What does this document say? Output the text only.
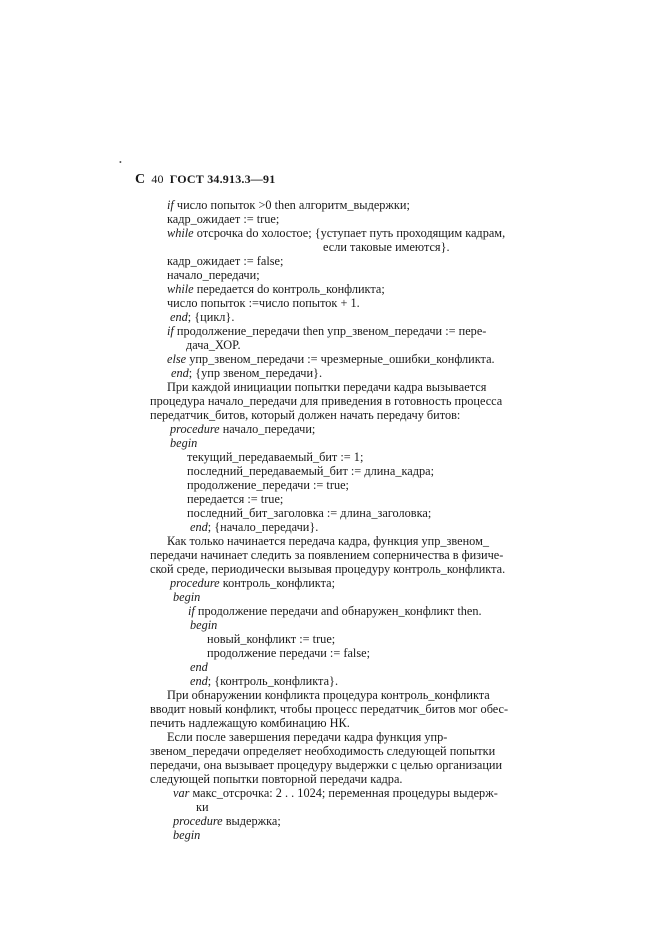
С 40 ГОСТ 34.913.3—91
if число попыток >0 then алгоритм_выдержки;
кадр_ожидает := true;
while отсрочка do холостое; {уступает путь проходящим кадрам,
если таковые имеются}.
кадр_ожидает := false;
начало_передачи;
while передается do контроль_конфликта;
число попыток :=число попыток + 1.
end; {цикл}.
if продолжение_передачи then упр_звеном_передачи := пере-
дача_ХОР.
else упр_звеном_передачи := чрезмерные_ошибки_конфликта.
end; {упр звеном_передачи}.
При каждой инициации попытки передачи кадра вызывается
процедура начало_передачи для приведения в готовность процесса
передатчик_битов, который должен начать передачу битов:
procedure начало_передачи;
begin
текущий_передаваемый_бит := 1;
последний_передаваемый_бит := длина_кадра;
продолжение_передачи := true;
передается := true;
последний_бит_заголовка := длина_заголовка;
end; {начало_передачи}.
Как только начинается передача кадра, функция упр_звеном_
передачи начинает следить за появлением соперничества в физиче-
ской среде, периодически вызывая процедуру контроль_конфликта.
procedure контроль_конфликта;
begin
if продолжение передачи and обнаружен_конфликт then.
begin
новый_конфликт := true;
продолжение передачи := false;
end
end; {контроль_конфликта}.
При обнаружении конфликта процедура контроль_конфликта
вводит новый конфликт, чтобы процесс передатчик_битов мог обес-
печить надлежащую комбинацию НК.
Если после завершения передачи кадра функция упр-
звеном_передачи определяет необходимость следующей попытки
передачи, она вызывает процедуру выдержки с целью организации
следующей попытки повторной передачи кадра.
var макс_отсрочка: 2 . . 1024; переменная процедуры выдерж-
ки
procedure выдержка;
begin
•
